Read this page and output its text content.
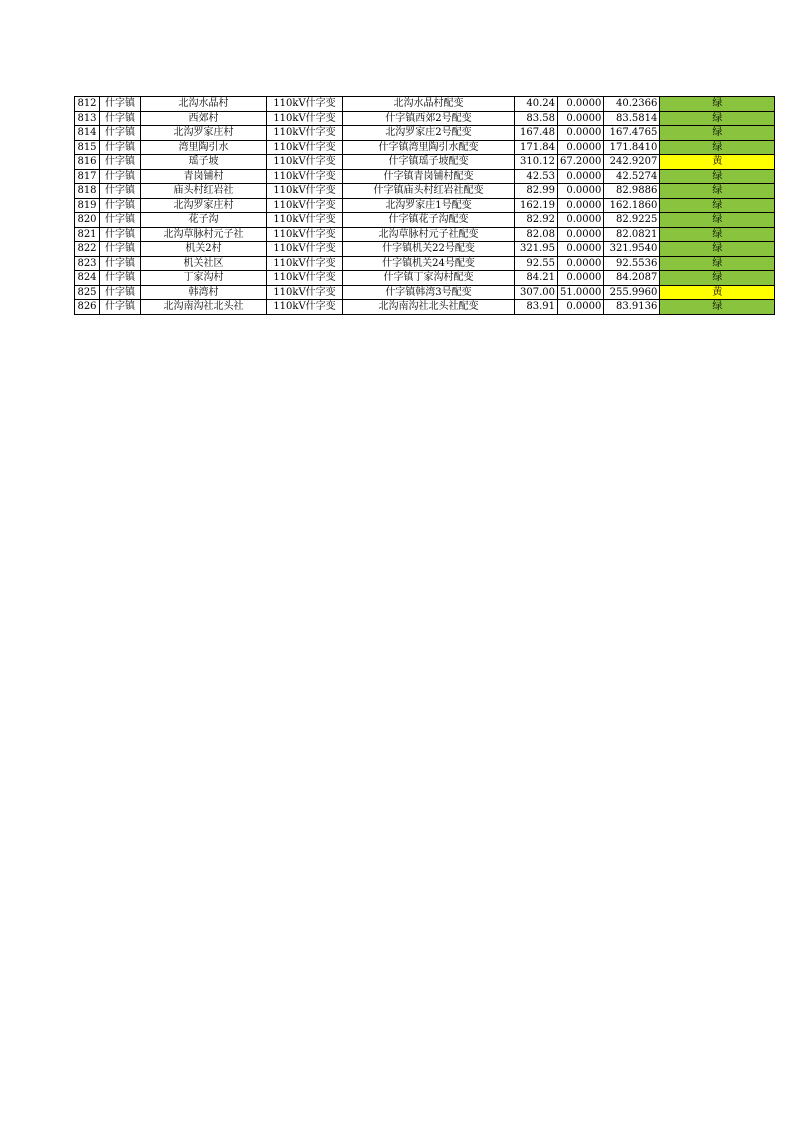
812	什字镇	北沟水晶村	110kV什字变	北沟水晶村配变	40.24	0.0000	40.2366	绿
813	什字镇	西郊村	110kV什字变	什字镇西郊2号配变	83.58	0.0000	83.5814	绿
814	什字镇	北沟罗家庄村	110kV什字变	北沟罗家庄2号配变	167.48	0.0000	167.4765	绿
815	什字镇	湾里陶引水	110kV什字变	什字镇湾里陶引水配变	171.84	0.0000	171.8410	绿
816	什字镇	瑶子坡	110kV什字变	什字镇瑶子坡配变	310.12	67.2000	242.9207	黄
817	什字镇	青岗铺村	110kV什字变	什字镇青岗铺村配变	42.53	0.0000	42.5274	绿
818	什字镇	庙头村红岩社	110kV什字变	什字镇庙头村红岩社配变	82.99	0.0000	82.9886	绿
819	什字镇	北沟罗家庄村	110kV什字变	北沟罗家庄1号配变	162.19	0.0000	162.1860	绿
820	什字镇	花子沟	110kV什字变	什字镇花子沟配变	82.92	0.0000	82.9225	绿
821	什字镇	北沟草脉村元子社	110kV什字变	北沟草脉村元子社配变	82.08	0.0000	82.0821	绿
822	什字镇	机关2村	110kV什字变	什字镇机关22号配变	321.95	0.0000	321.9540	绿
823	什字镇	机关社区	110kV什字变	什字镇机关24号配变	92.55	0.0000	92.5536	绿
824	什字镇	丁家沟村	110kV什字变	什字镇丁家沟村配变	84.21	0.0000	84.2087	绿
825	什字镇	韩湾村	110kV什字变	什字镇韩湾3号配变	307.00	51.0000	255.9960	黄
826	什字镇	北沟南沟社北头社	110kV什字变	北沟南沟社北头社配变	83.91	0.0000	83.9136	绿
